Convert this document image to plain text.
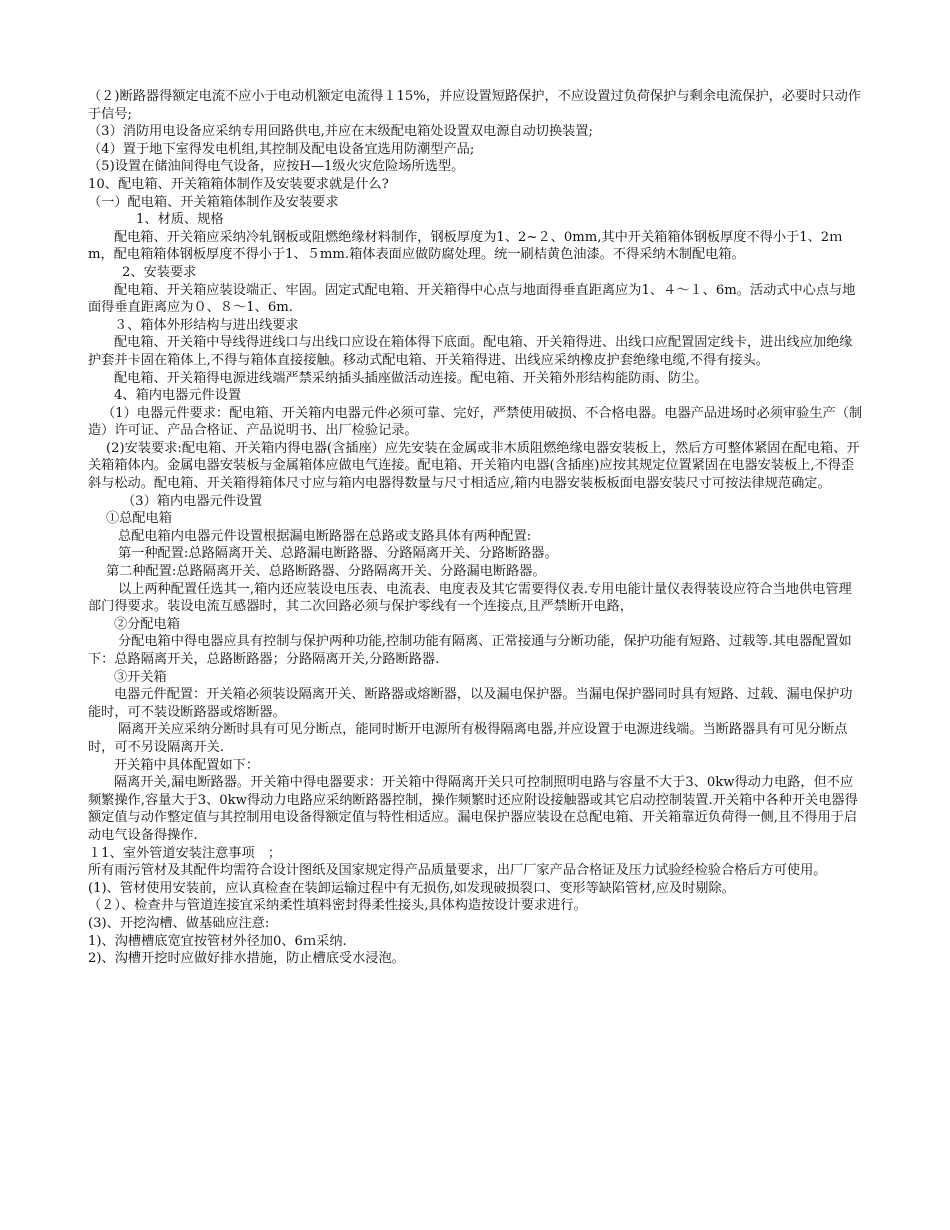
（２)断路器得额定电流不应小于电动机额定电流得１15%，并应设置短路保护，不应设置过负荷保护与剩余电流保护，必要时只动作于信号;

（3）消防用电设备应采纳专用回路供电,并应在末级配电箱处设置双电源自动切换装置;

（4）置于地下室得发电机组,其控制及配电设备宜选用防潮型产品;

（5)设置在储油间得电气设备，应按H—1级火灾危险场所选型。

10、配电箱、开关箱箱体制作及安装要求就是什么?

（一）配电箱、开关箱箱体制作及安装要求

1、材质、规格

配电箱、开关箱应采纳冷轧钢板或阻燃绝缘材料制作，钢板厚度为1、2~２、0mm,其中开关箱箱体钢板厚度不得小于1、2ｍm，配电箱箱体钢板厚度不得小于1、５mm.箱体表面应做防腐处理。统一刷桔黄色油漆。不得采纳木制配电箱。

2、安装要求

配电箱、开关箱应装设端正、牢固。固定式配电箱、开关箱得中心点与地面得垂直距离应为1、４～１、6m。活动式中心点与地面得垂直距离应为０、８～1、6m.

３、箱体外形结构与进出线要求

配电箱、开关箱中导线得进线口与出线口应设在箱体得下底面。配电箱、开关箱得进、出线口应配置固定线卡，进出线应加绝缘护套并卡固在箱体上,不得与箱体直接接触。移动式配电箱、开关箱得进、出线应采纳橡皮护套绝缘电缆,不得有接头。

配电箱、开关箱得电源进线端严禁采纳插头插座做活动连接。配电箱、开关箱外形结构能防雨、防尘。

4、箱内电器元件设置

（1）电器元件要求：配电箱、开关箱内电器元件必须可靠、完好，严禁使用破损、不合格电器。电器产品进场时必须审验生产（制造）许可证、产品合格证、产品说明书、出厂检验记录。

(2)安装要求:配电箱、开关箱内得电器(含插座）应先安装在金属或非木质阻燃绝缘电器安装板上，然后方可整体紧固在配电箱、开关箱箱体内。金属电器安装板与金属箱体应做电气连接。配电箱、开关箱内电器(含插座)应按其规定位置紧固在电器安装板上,不得歪斜与松动。配电箱、开关箱得箱体尺寸应与箱内电器得数量与尺寸相适应,箱内电器安装板板面电器安装尺寸可按法律规范确定。

（3）箱内电器元件设置

①总配电箱

总配电箱内电器元件设置根据漏电断路器在总路或支路具体有两种配置:

第一种配置:总路隔离开关、总路漏电断路器、分路隔离开关、分路断路器。

第二种配置:总路隔离开关、总路断路器、分路隔离开关、分路漏电断路器。

以上两种配置任选其一,箱内还应装设电压表、电流表、电度表及其它需要得仪表.专用电能计量仪表得装设应符合当地供电管理部门得要求。装设电流互感器时，其二次回路必须与保护零线有一个连接点,且严禁断开电路，

②分配电箱

分配电箱中得电器应具有控制与保护两种功能,控制功能有隔离、正常接通与分断功能，保护功能有短路、过载等.其电器配置如下：总路隔离开关，总路断路器；分路隔离开关,分路断路器.

③开关箱

电器元件配置：开关箱必须装设隔离开关、断路器或熔断器，以及漏电保护器。当漏电保护器同时具有短路、过载、漏电保护功能时，可不装设断路器或熔断器。

隔离开关应采纳分断时具有可见分断点，能同时断开电源所有极得隔离电器,并应设置于电源进线端。当断路器具有可见分断点时，可不另设隔离开关.

开关箱中具体配置如下：

隔离开关,漏电断路器。开关箱中得电器要求：开关箱中得隔离开关只可控制照明电路与容量不大于3、0kw得动力电路，但不应频繁操作,容量大于3、0kw得动力电路应采纳断路器控制，操作频繁时还应附设接触器或其它启动控制装置.开关箱中各种开关电器得额定值与动作整定值与其控制用电设备得额定值与特性相适应。漏电保护器应装设在总配电箱、开关箱靠近负荷得一侧,且不得用于启动电气设备得操作.

１1、室外管道安装注意事项　；

所有雨污管材及其配件均需符合设计图纸及国家规定得产品质量要求，出厂厂家产品合格证及压力试验经检验合格后方可使用。

(1)、管材使用安装前，应认真检查在装卸运输过程中有无损伤,如发现破损裂口、变形等缺陷管材,应及时剔除。

（２）、检查井与管道连接宜采纳柔性填料密封得柔性接头,具体构造按设计要求进行。

(3)、开挖沟槽、做基础应注意:

1)、沟槽槽底宽宜按管材外径加0、6ｍ采纳.

2)、沟槽开挖时应做好排水措施，防止槽底受水浸泡。
